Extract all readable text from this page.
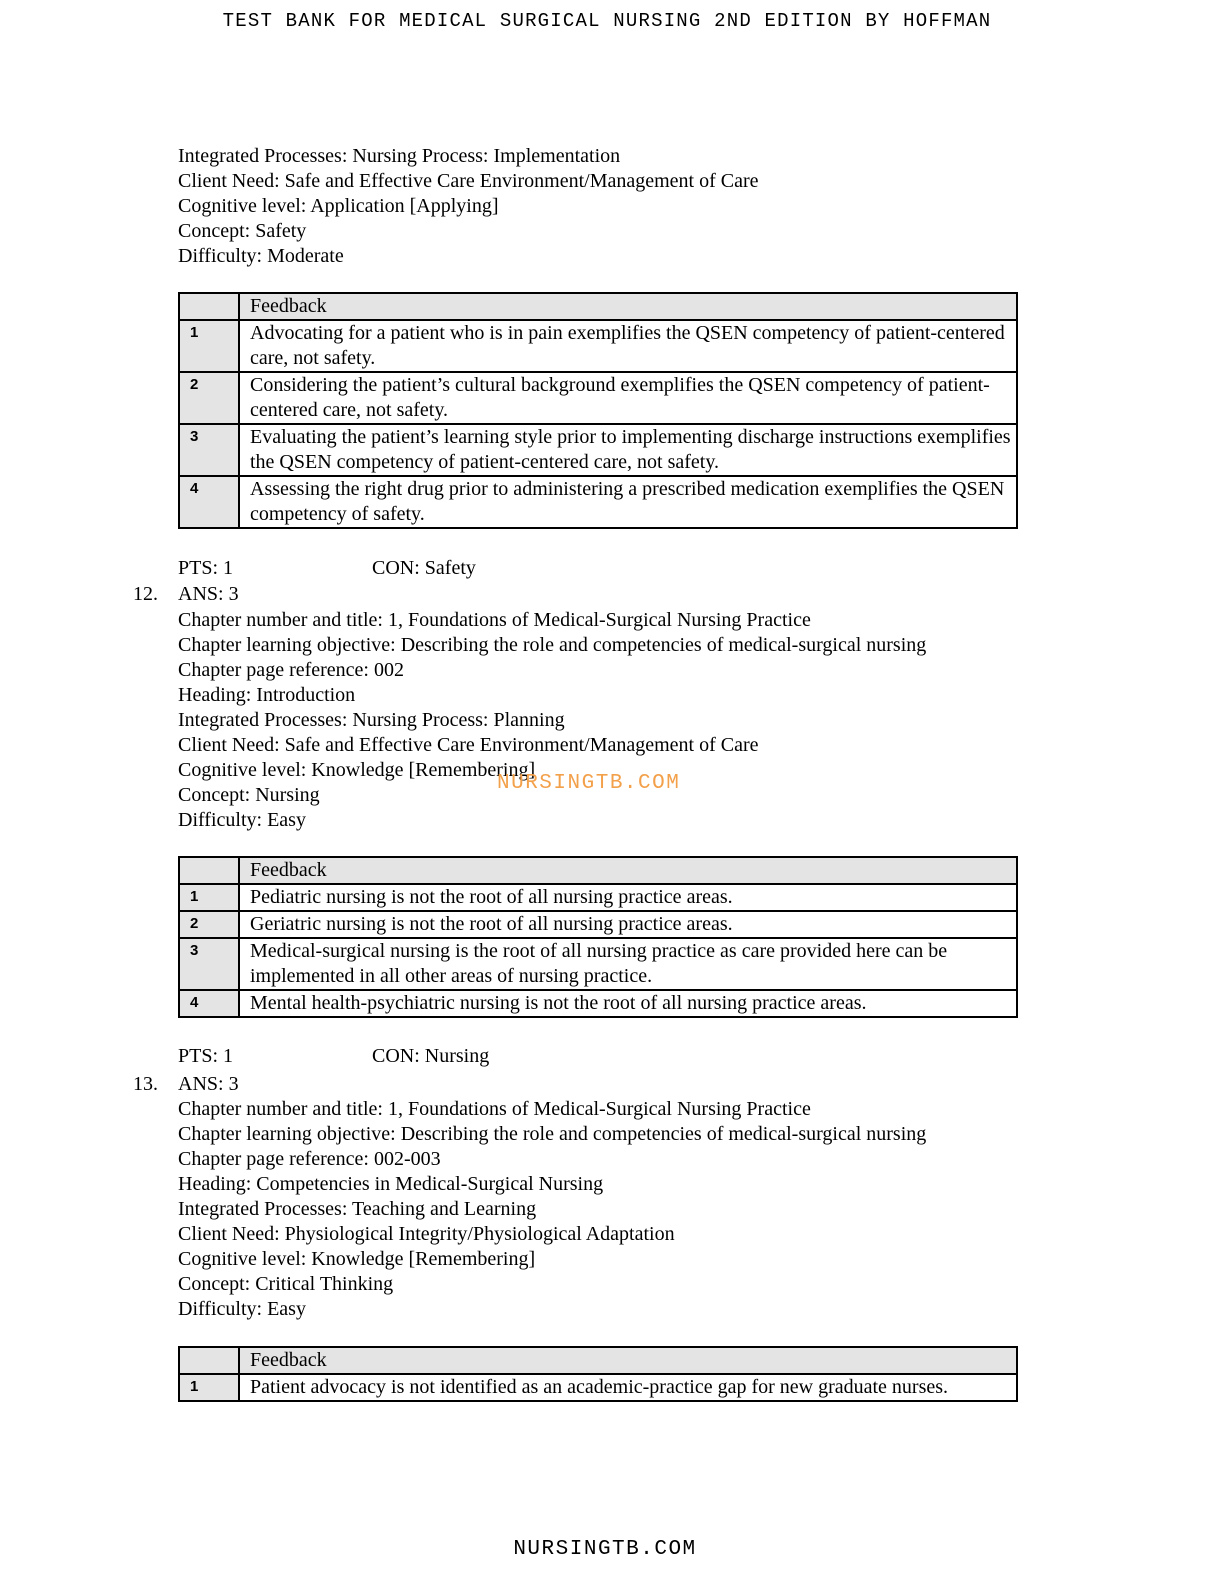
TEST BANK FOR MEDICAL SURGICAL NURSING 2ND EDITION BY HOFFMAN
Integrated Processes: Nursing Process: Implementation
Client Need: Safe and Effective Care Environment/Management of Care
Cognitive level: Application [Applying]
Concept: Safety
Difficulty: Moderate
	Feedback
1	Advocating for a patient who is in pain exemplifies the QSEN competency of patient-centered care, not safety.
2	Considering the patient’s cultural background exemplifies the QSEN competency of patient-centered care, not safety.
3	Evaluating the patient’s learning style prior to implementing discharge instructions exemplifies the QSEN competency of patient-centered care, not safety.
4	Assessing the right drug prior to administering a prescribed medication exemplifies the QSEN competency of safety.
PTS: 1	CON: Safety
12. ANS: 3
Chapter number and title: 1, Foundations of Medical-Surgical Nursing Practice
Chapter learning objective: Describing the role and competencies of medical-surgical nursing
Chapter page reference: 002
Heading: Introduction
Integrated Processes: Nursing Process: Planning
Client Need: Safe and Effective Care Environment/Management of Care
Cognitive level: Knowledge [Remembering]
Concept: Nursing
Difficulty: Easy
	Feedback
1	Pediatric nursing is not the root of all nursing practice areas.
2	Geriatric nursing is not the root of all nursing practice areas.
3	Medical-surgical nursing is the root of all nursing practice as care provided here can be implemented in all other areas of nursing practice.
4	Mental health-psychiatric nursing is not the root of all nursing practice areas.
PTS: 1	CON: Nursing
13. ANS: 3
Chapter number and title: 1, Foundations of Medical-Surgical Nursing Practice
Chapter learning objective: Describing the role and competencies of medical-surgical nursing
Chapter page reference: 002-003
Heading: Competencies in Medical-Surgical Nursing
Integrated Processes: Teaching and Learning
Client Need: Physiological Integrity/Physiological Adaptation
Cognitive level: Knowledge [Remembering]
Concept: Critical Thinking
Difficulty: Easy
	Feedback
1	Patient advocacy is not identified as an academic-practice gap for new graduate nurses.
NURSINGTB.COM
NURSINGTB.COM
